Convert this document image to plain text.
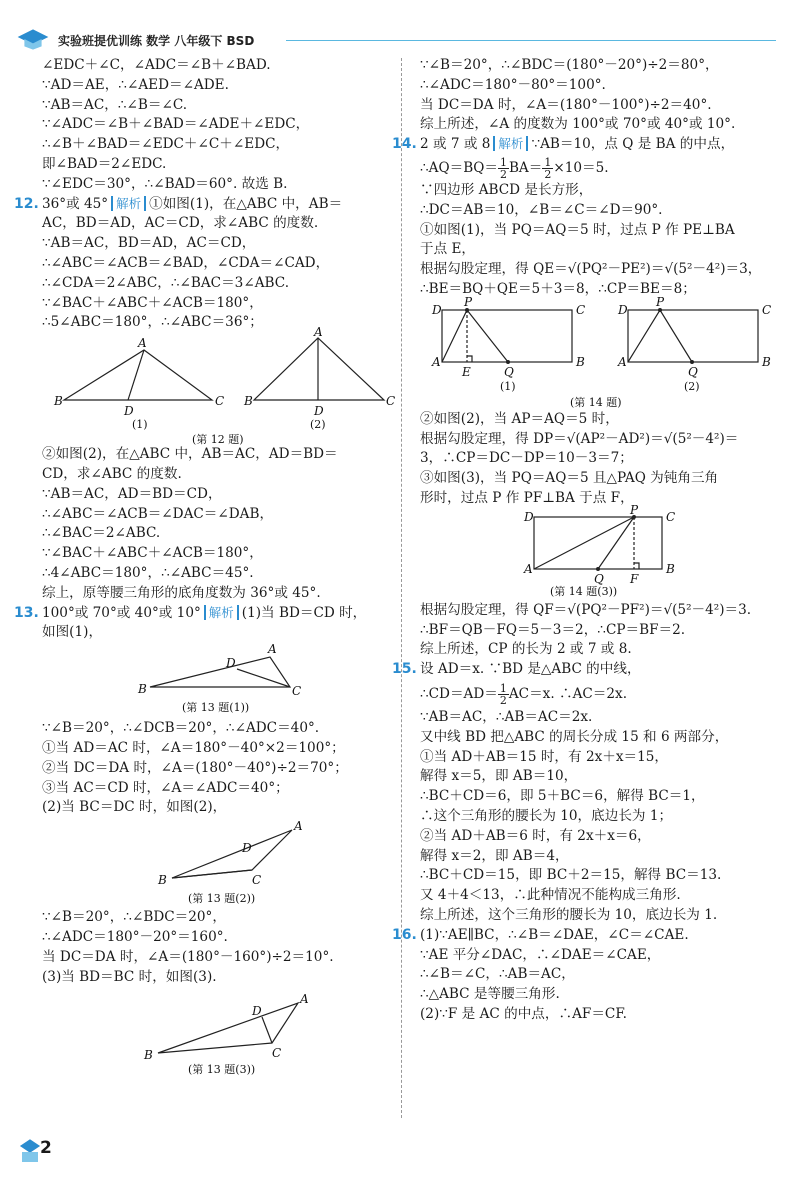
实验班提优训练 数学 八年级下 BSD
∠EDC＋∠C，∠ADC＝∠B＋∠BAD.
∵AD＝AE，∴∠AED＝∠ADE.
∵AB＝AC，∴∠B＝∠C.
∵∠ADC＝∠B＋∠BAD＝∠ADE＋∠EDC，
∴∠B＋∠BAD＝∠EDC＋∠C＋∠EDC，
即∠BAD＝2∠EDC.
∵∠EDC＝30°，∴∠BAD＝60°. 故选 B.
12. 36°或 45° 解析 ①如图(1)，在△ABC 中，AB＝
AC，BD＝AD，AC＝CD，求∠ABC 的度数.
∵AB＝AC，BD＝AD，AC＝CD，
∴∠ABC＝∠ACB＝∠BAD，∠CDA＝∠CAD，
∴∠CDA＝2∠ABC，∴∠BAC＝3∠ABC.
∵∠BAC＋∠ABC＋∠ACB＝180°，
∴5∠ABC＝180°，∴∠ABC＝36°；
A
B
D
C
(1)
A
B
D
C
(2)
(第 12 题)
②如图(2)，在△ABC 中，AB＝AC，AD＝BD＝
CD，求∠ABC 的度数.
∵AB＝AC，AD＝BD＝CD，
∴∠ABC＝∠ACB＝∠DAC＝∠DAB，
∴∠BAC＝2∠ABC.
∵∠BAC＋∠ABC＋∠ACB＝180°，
∴4∠ABC＝180°，∴∠ABC＝45°.
综上，原等腰三角形的底角度数为 36°或 45°.
13. 100°或 70°或 40°或 10° 解析 (1)当 BD＝CD 时，
如图(1)，
A
D
B	C
(第 13 题(1))
∵∠B＝20°，∴∠DCB＝20°，∴∠ADC＝40°.
①当 AD＝AC 时，∠A＝180°－40°×2＝100°；
②当 DC＝DA 时，∠A＝(180°－40°)÷2＝70°；
③当 AC＝CD 时，∠A＝∠ADC＝40°；
(2)当 BC＝DC 时，如图(2)，
A
D
B	C
(第 13 题(2))
∵∠B＝20°，∴∠BDC＝20°，
∴∠ADC＝180°－20°＝160°.
当 DC＝DA 时，∠A＝(180°－160°)÷2＝10°.
(3)当 BD＝BC 时，如图(3).
A
D
B	C
(第 13 题(3))
∵∠B＝20°，∴∠BDC＝(180°－20°)÷2＝80°，
∴∠ADC＝180°－80°＝100°.
当 DC＝DA 时，∠A＝(180°－100°)÷2＝40°.
综上所述，∠A 的度数为 100°或 70°或 40°或 10°.
14. 2 或 7 或 8 解析 ∵AB＝10，点 Q 是 BA 的中点，
∴AQ＝BQ＝ $\frac{1}{2} BA= \frac{1}{2} \times 10=5$.
∵四边形 ABCD 是长方形，
∴DC＝AB＝10，∠B＝∠C＝∠D＝90°.
①如图(1)，当 PQ＝AQ＝5 时，过点 P 作 PE⊥BA
于点 E，
根据勾股定理，得 QE＝√(PQ²－PE²)＝√(5²－4²)＝3，
∴BE＝BQ＋QE＝5＋3＝8，∴CP＝BE＝8；
D
P
C
A
E	Q
B
(1)
D
P
C
A
Q
B
(2)
(第 14 题)
②如图(2)，当 AP＝AQ＝5 时，
根据勾股定理，得 DP＝√(AP²－AD²)＝√(5²－4²)＝
3，∴CP＝DC－DP＝10－3＝7；
③如图(3)，当 PQ＝AQ＝5 且△PAQ 为钝角三角
形时，过点 P 作 PF⊥BA 于点 F，
D	P C
A
Q F
B
(第 14 题(3))
根据勾股定理，得 QF＝√(PQ²－PF²)＝√(5²－4²)＝3.
∴BF＝QB－FQ＝5－3＝2，∴CP＝BF＝2.
综上所述，CP 的长为 2 或 7 或 8.
15. 设 AD＝x. ∵BD 是△ABC 的中线，
∴CD＝AD＝ $\frac{1}{2} AC=x$. ∴AC＝2x.
∵AB＝AC，∴AB＝AC＝2x.
又中线 BD 把△ABC 的周长分成 15 和 6 两部分，
①当 AD＋AB＝15 时，有 2x＋x＝15，
解得 x＝5，即 AB＝10，
∴BC＋CD＝6，即 5＋BC＝6，解得 BC＝1，
∴这个三角形的腰长为 10，底边长为 1；
②当 AD＋AB＝6 时，有 2x＋x＝6，
解得 x＝2，即 AB＝4，
∴BC＋CD＝15，即 BC＋2＝15，解得 BC＝13.
又 4＋4＜13，∴此种情况不能构成三角形.
综上所述，这个三角形的腰长为 10，底边长为 1.
16. (1)∵AE∥BC，∴∠B＝∠DAE，∠C＝∠CAE.
∵AE 平分∠DAC，∴∠DAE＝∠CAE，
∴∠B＝∠C，∴AB＝AC，
∴△ABC 是等腰三角形.
(2)∵F 是 AC 的中点，∴AF＝CF.
2
